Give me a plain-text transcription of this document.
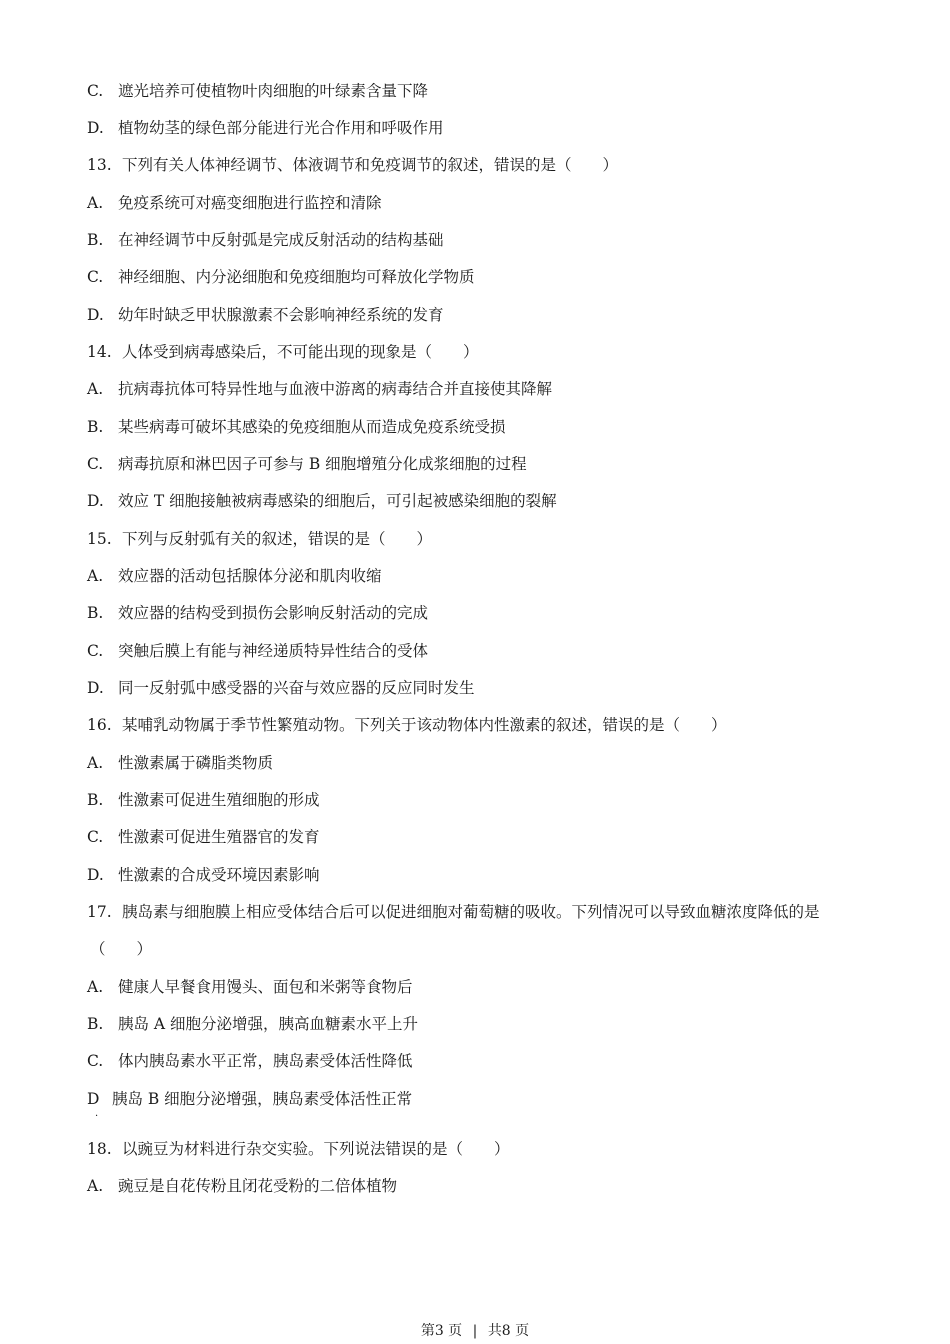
C. 遮光培养可使植物叶肉细胞的叶绿素含量下降
D. 植物幼茎的绿色部分能进行光合作用和呼吸作用
13. 下列有关人体神经调节、体液调节和免疫调节的叙述，错误的是（　　）
A. 免疫系统可对癌变细胞进行监控和清除
B. 在神经调节中反射弧是完成反射活动的结构基础
C. 神经细胞、内分泌细胞和免疫细胞均可释放化学物质
D. 幼年时缺乏甲状腺激素不会影响神经系统的发育
14. 人体受到病毒感染后，不可能出现的现象是（　　）
A. 抗病毒抗体可特异性地与血液中游离的病毒结合并直接使其降解
B. 某些病毒可破坏其感染的免疫细胞从而造成免疫系统受损
C. 病毒抗原和淋巴因子可参与 B 细胞增殖分化成浆细胞的过程
D. 效应 T 细胞接触被病毒感染的细胞后，可引起被感染细胞的裂解
15. 下列与反射弧有关的叙述，错误的是（　　）
A. 效应器的活动包括腺体分泌和肌肉收缩
B. 效应器的结构受到损伤会影响反射活动的完成
C. 突触后膜上有能与神经递质特异性结合的受体
D. 同一反射弧中感受器的兴奋与效应器的反应同时发生
16. 某哺乳动物属于季节性繁殖动物。下列关于该动物体内性激素的叙述，错误的是（　　）
A. 性激素属于磷脂类物质
B. 性激素可促进生殖细胞的形成
C. 性激素可促进生殖器官的发育
D. 性激素的合成受环境因素影响
17. 胰岛素与细胞膜上相应受体结合后可以促进细胞对葡萄糖的吸收。下列情况可以导致血糖浓度降低的是
（　　）
A. 健康人早餐食用馒头、面包和米粥等食物后
B. 胰岛 A 细胞分泌增强，胰高血糖素水平上升
C. 体内胰岛素水平正常，胰岛素受体活性降低
D 胰岛 B 细胞分泌增强，胰岛素受体活性正常
·
18. 以豌豆为材料进行杂交实验。下列说法错误的是（　　）
A. 豌豆是自花传粉且闭花受粉的二倍体植物
第3 页 | 共8 页
